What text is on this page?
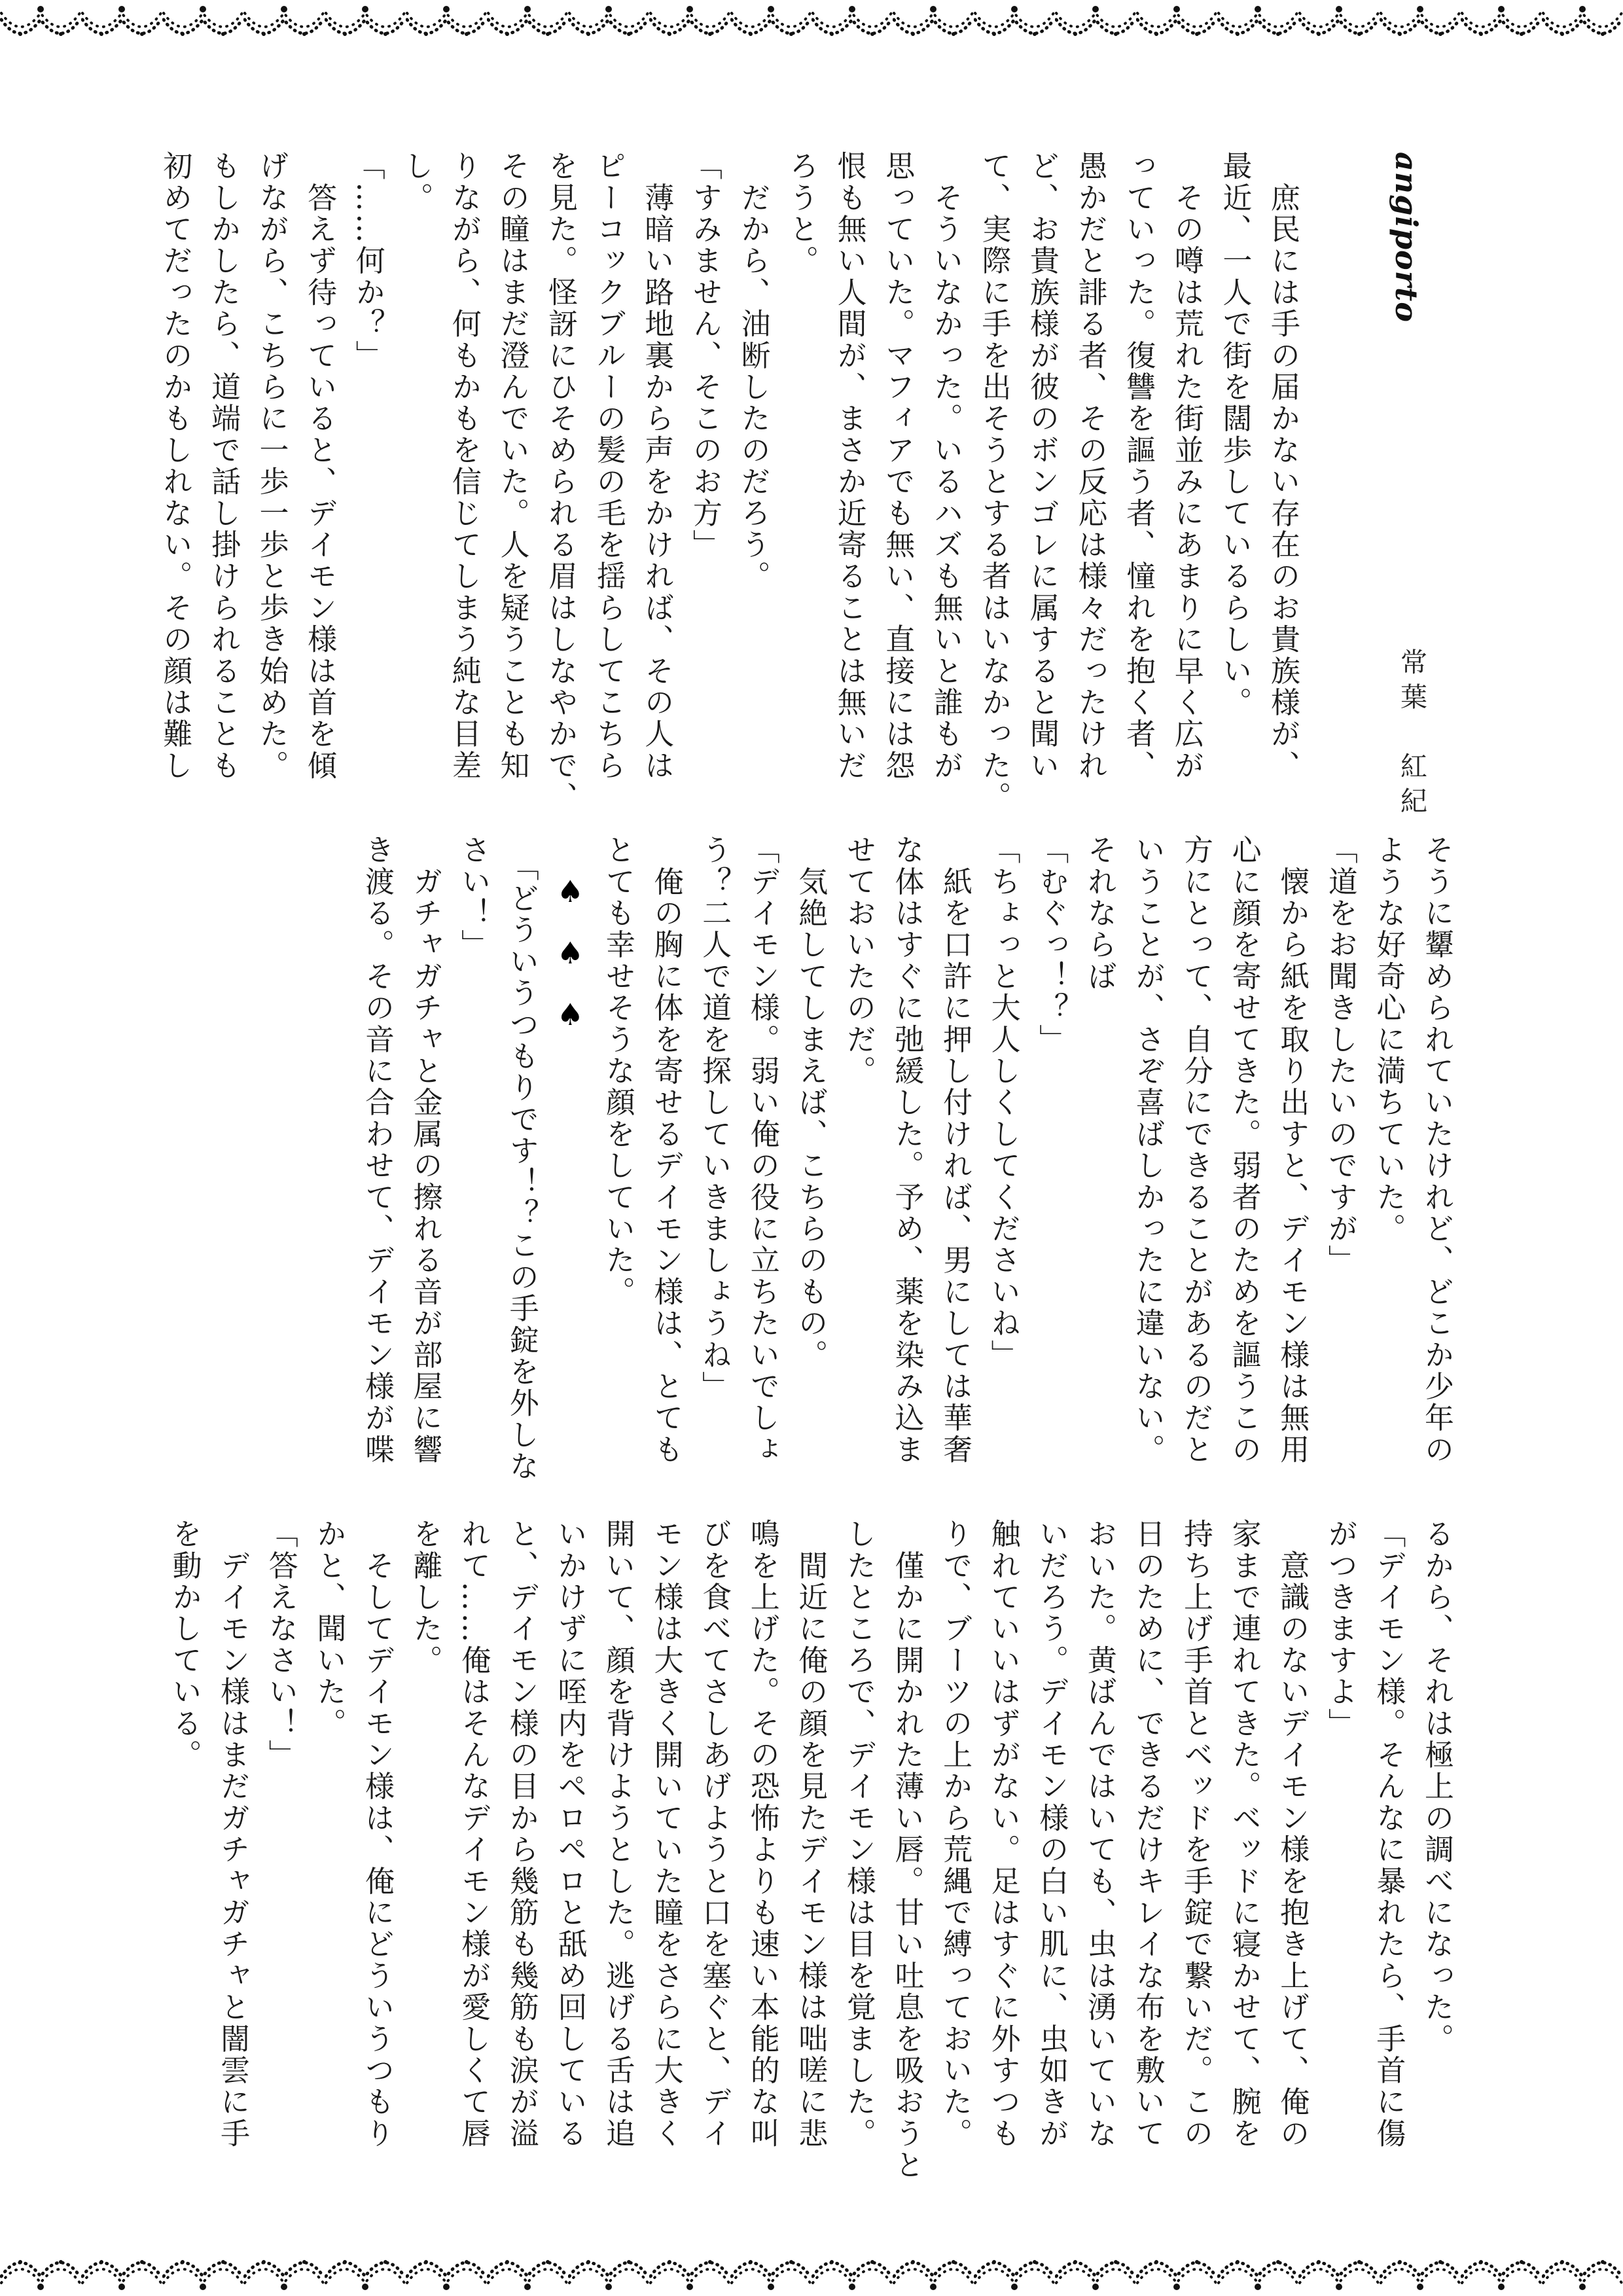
angiporto
常葉　紅紀

　庶民には手の届かない存在のお貴族様が、

最近、一人で街を闊歩しているらしい。

　その噂は荒れた街並みにあまりに早く広が

っていった。復讐を謳う者、憧れを抱く者、

愚かだと誹る者、その反応は様々だったけれ

ど、お貴族様が彼のボンゴレに属すると聞い

て、実際に手を出そうとする者はいなかった。

　そういなかった。いるハズも無いと誰もが

思っていた。マフィアでも無い、直接には怨

恨も無い人間が、まさか近寄ることは無いだ

ろうと。

　だから、油断したのだろう。

「すみません、そこのお方」

　薄暗い路地裏から声をかければ、その人は

ピーコックブルーの髪の毛を揺らしてこちら

を見た。怪訝にひそめられる眉はしなやかで、

その瞳はまだ澄んでいた。人を疑うことも知

りながら、何もかもを信じてしまう純な目差

し。

「……何か？」

　答えず待っていると、デイモン様は首を傾

げながら、こちらに一歩一歩と歩き始めた。

もしかしたら、道端で話し掛けられることも

初めてだったのかもしれない。その顔は難し

そうに顰められていたけれど、どこか少年の

ような好奇心に満ちていた。

「道をお聞きしたいのですが」

　懐から紙を取り出すと、デイモン様は無用

心に顔を寄せてきた。弱者のためを謳うこの

方にとって、自分にできることがあるのだと

いうことが、さぞ喜ばしかったに違いない。

それならば

「むぐっ！？」

「ちょっと大人しくしてくださいね」

　紙を口許に押し付ければ、男にしては華奢

な体はすぐに弛緩した。予め、薬を染み込ま

せておいたのだ。

　気絶してしまえば、こちらのもの。

「デイモン様。弱い俺の役に立ちたいでしょ

う？二人で道を探していきましょうね」

　俺の胸に体を寄せるデイモン様は、とても

とても幸せそうな顔をしていた。

♠♠♠

　「どういうつもりです！？この手錠を外しな

さい！」

　ガチャガチャと金属の擦れる音が部屋に響

き渡る。その音に合わせて、デイモン様が喋

るから、それは極上の調べになった。

「デイモン様。そんなに暴れたら、手首に傷

がつきますよ」

　意識のないデイモン様を抱き上げて、俺の

家まで連れてきた。ベッドに寝かせて、腕を

持ち上げ手首とベッドを手錠で繋いだ。この

日のために、できるだけキレイな布を敷いて

おいた。黄ばんではいても、虫は湧いていな

いだろう。デイモン様の白い肌に、虫如きが

触れていいはずがない。足はすぐに外すつも

りで、ブーツの上から荒縄で縛っておいた。

　僅かに開かれた薄い唇。甘い吐息を吸おうと

したところで、デイモン様は目を覚ました。

　間近に俺の顔を見たデイモン様は咄嗟に悲

鳴を上げた。その恐怖よりも速い本能的な叫

びを食べてさしあげようと口を塞ぐと、デイ

モン様は大きく開いていた瞳をさらに大きく

開いて、顔を背けようとした。逃げる舌は追

いかけずに咥内をペロペロと舐め回している

と、デイモン様の目から幾筋も幾筋も涙が溢

れて……俺はそんなデイモン様が愛しくて唇

を離した。

　そしてデイモン様は、俺にどういうつもり

かと、聞いた。

「答えなさい！」

　デイモン様はまだガチャガチャと闇雲に手

を動かしている。
